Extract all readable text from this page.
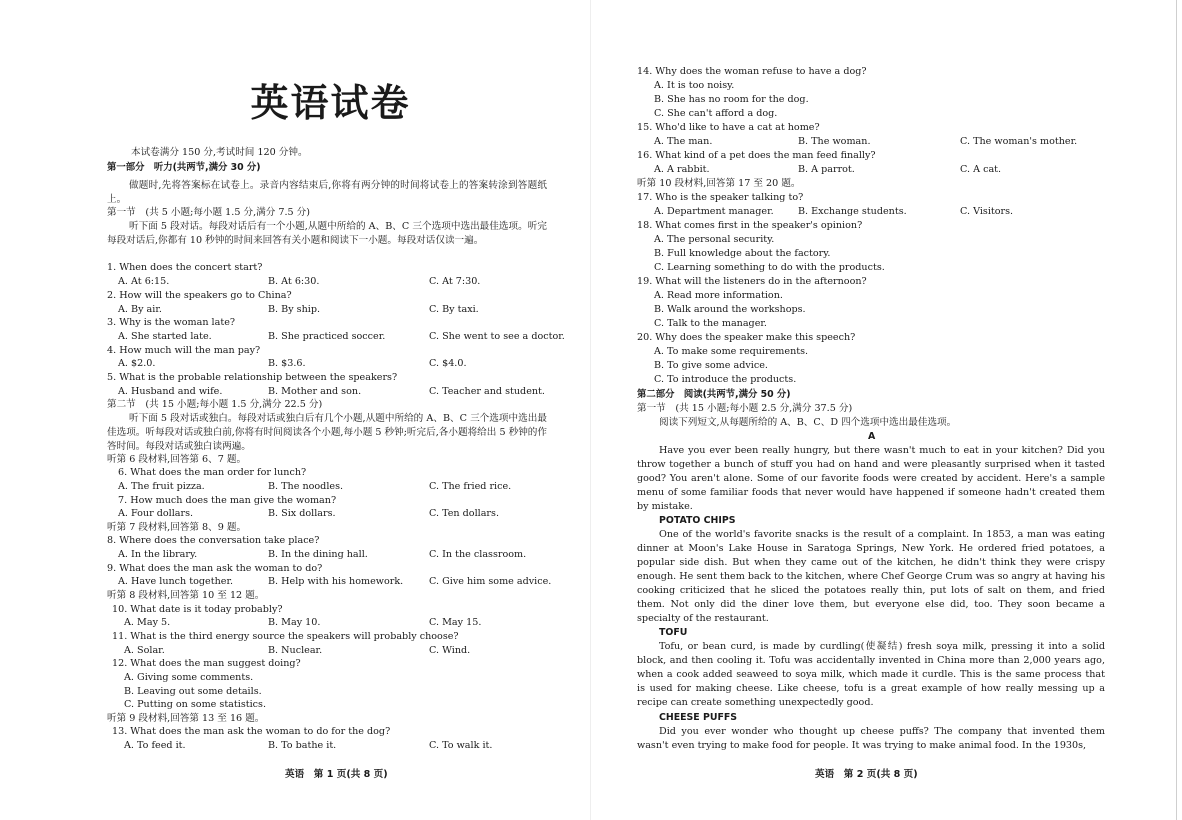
英语试卷
本试卷满分 150 分,考试时间 120 分钟。
第一部分　听力(共两节,满分 30 分)
做题时,先将答案标在试卷上。录音内容结束后,你将有两分钟的时间将试卷上的答案转涂到答题纸上。
第一节　(共 5 小题;每小题 1.5 分,满分 7.5 分)
听下面 5 段对话。每段对话后有一个小题,从题中所给的 A、B、C 三个选项中选出最佳选项。听完每段对话后,你都有 10 秒钟的时间来回答有关小题和阅读下一小题。每段对话仅读一遍。
1. When does the concert start?
A. At 6:15.	B. At 6:30.	C. At 7:30.
2. How will the speakers go to China?
A. By air.	B. By ship.	C. By taxi.
3. Why is the woman late?
A. She started late.	B. She practiced soccer.	C. She went to see a doctor.
4. How much will the man pay?
A. $2.0.	B. $3.6.	C. $4.0.
5. What is the probable relationship between the speakers?
A. Husband and wife.	B. Mother and son.	C. Teacher and student.
第二节　(共 15 小题;每小题 1.5 分,满分 22.5 分)
听下面 5 段对话或独白。每段对话或独白后有几个小题,从题中所给的 A、B、C 三个选项中选出最佳选项。听每段对话或独白前,你将有时间阅读各个小题,每小题 5 秒钟;听完后,各小题将给出 5 秒钟的作答时间。每段对话或独白读两遍。
听第 6 段材料,回答第 6、7 题。
6. What does the man order for lunch?
A. The fruit pizza.	B. The noodles.	C. The fried rice.
7. How much does the man give the woman?
A. Four dollars.	B. Six dollars.	C. Ten dollars.
听第 7 段材料,回答第 8、9 题。
8. Where does the conversation take place?
A. In the library.	B. In the dining hall.	C. In the classroom.
9. What does the man ask the woman to do?
A. Have lunch together.	B. Help with his homework.	C. Give him some advice.
听第 8 段材料,回答第 10 至 12 题。
10. What date is it today probably?
A. May 5.	B. May 10.	C. May 15.
11. What is the third energy source the speakers will probably choose?
A. Solar.	B. Nuclear.	C. Wind.
12. What does the man suggest doing?
A. Giving some comments.
B. Leaving out some details.
C. Putting on some statistics.
听第 9 段材料,回答第 13 至 16 题。
13. What does the man ask the woman to do for the dog?
A. To feed it.	B. To bathe it.	C. To walk it.
英语　第 1 页(共 8 页)
14. Why does the woman refuse to have a dog?
A. It is too noisy.
B. She has no room for the dog.
C. She can't afford a dog.
15. Who'd like to have a cat at home?
A. The man.	B. The woman.	C. The woman's mother.
16. What kind of a pet does the man feed finally?
A. A rabbit.	B. A parrot.	C. A cat.
听第 10 段材料,回答第 17 至 20 题。
17. Who is the speaker talking to?
A. Department manager.	B. Exchange students.	C. Visitors.
18. What comes first in the speaker's opinion?
A. The personal security.
B. Full knowledge about the factory.
C. Learning something to do with the products.
19. What will the listeners do in the afternoon?
A. Read more information.
B. Walk around the workshops.
C. Talk to the manager.
20. Why does the speaker make this speech?
A. To make some requirements.
B. To give some advice.
C. To introduce the products.
第二部分　阅读(共两节,满分 50 分)
第一节　(共 15 小题;每小题 2.5 分,满分 37.5 分)
阅读下列短文,从每题所给的 A、B、C、D 四个选项中选出最佳选项。
A
Have you ever been really hungry, but there wasn't much to eat in your kitchen? Did you throw together a bunch of stuff you had on hand and were pleasantly surprised when it tasted good? You aren't alone. Some of our favorite foods were created by accident. Here's a sample menu of some familiar foods that never would have happened if someone hadn't created them by mistake.
POTATO CHIPS
One of the world's favorite snacks is the result of a complaint. In 1853, a man was eating dinner at Moon's Lake House in Saratoga Springs, New York. He ordered fried potatoes, a popular side dish. But when they came out of the kitchen, he didn't think they were crispy enough. He sent them back to the kitchen, where Chef George Crum was so angry at having his cooking criticized that he sliced the potatoes really thin, put lots of salt on them, and fried them. Not only did the diner love them, but everyone else did, too. They soon became a specialty of the restaurant.
TOFU
Tofu, or bean curd, is made by curdling(使凝结) fresh soya milk, pressing it into a solid block, and then cooling it. Tofu was accidentally invented in China more than 2,000 years ago, when a cook added seaweed to soya milk, which made it curdle. This is the same process that is used for making cheese. Like cheese, tofu is a great example of how really messing up a recipe can create something unexpectedly good.
CHEESE PUFFS
Did you ever wonder who thought up cheese puffs? The company that invented them wasn't even trying to make food for people. It was trying to make animal food. In the 1930s,
英语　第 2 页(共 8 页)
